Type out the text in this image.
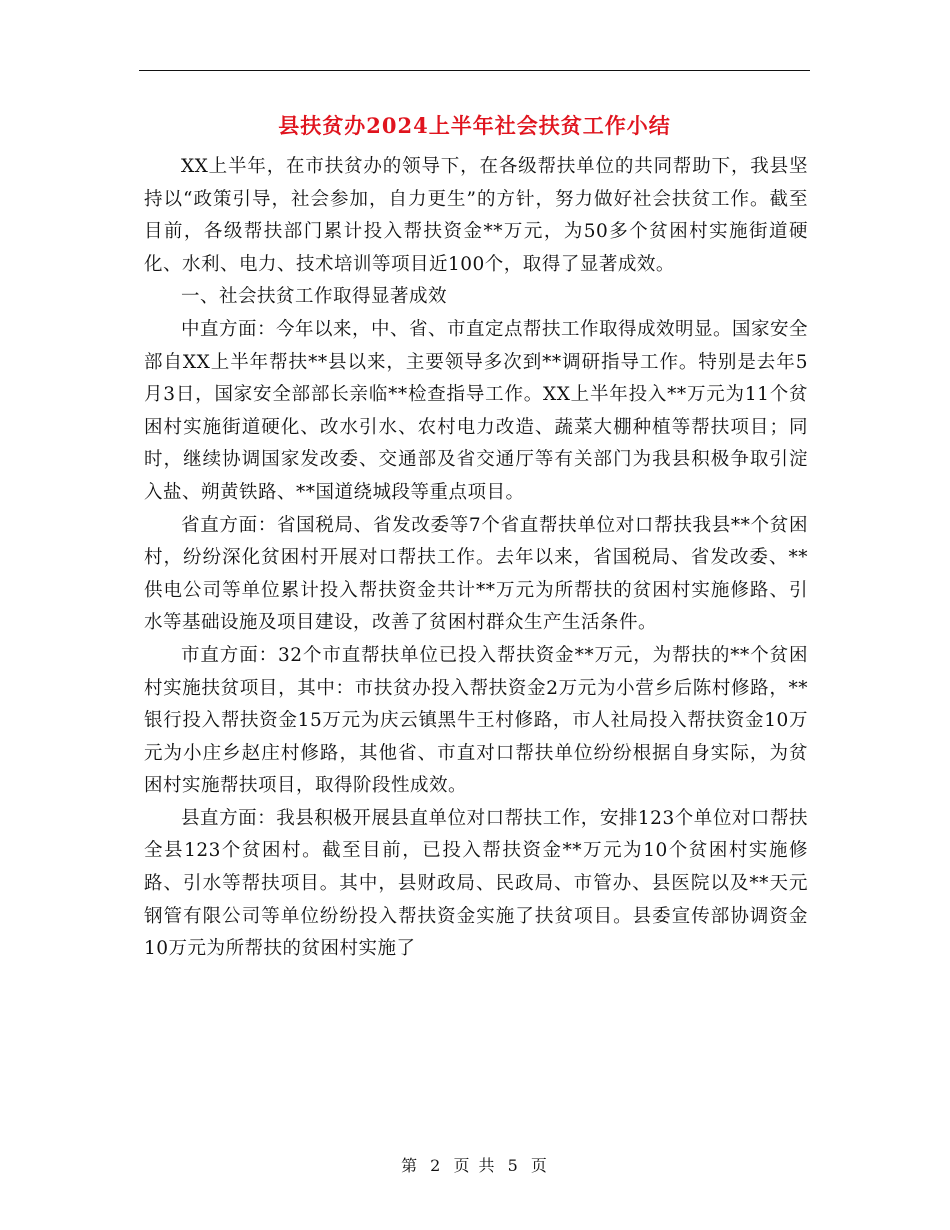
县扶贫办2024上半年社会扶贫工作小结

XX上半年，在市扶贫办的领导下，在各级帮扶单位的共同帮助下，我县坚持以“政策引导，社会参加，自力更生”的方针，努力做好社会扶贫工作。截至目前，各级帮扶部门累计投入帮扶资金**万元，为50多个贫困村实施街道硬化、水利、电力、技术培训等项目近100个，取得了显著成效。

一、社会扶贫工作取得显著成效

中直方面：今年以来，中、省、市直定点帮扶工作取得成效明显。国家安全部自XX上半年帮扶**县以来，主要领导多次到**调研指导工作。特别是去年5月3日，国家安全部部长亲临**检查指导工作。XX上半年投入**万元为11个贫困村实施街道硬化、改水引水、农村电力改造、蔬菜大棚种植等帮扶项目；同时，继续协调国家发改委、交通部及省交通厅等有关部门为我县积极争取引淀入盐、朔黄铁路、**国道绕城段等重点项目。

省直方面：省国税局、省发改委等7个省直帮扶单位对口帮扶我县**个贫困村，纷纷深化贫困村开展对口帮扶工作。去年以来，省国税局、省发改委、**供电公司等单位累计投入帮扶资金共计**万元为所帮扶的贫困村实施修路、引水等基础设施及项目建设，改善了贫困村群众生产生活条件。

市直方面：32个市直帮扶单位已投入帮扶资金**万元，为帮扶的**个贫困村实施扶贫项目，其中：市扶贫办投入帮扶资金2万元为小营乡后陈村修路，**银行投入帮扶资金15万元为庆云镇黑牛王村修路，市人社局投入帮扶资金10万元为小庄乡赵庄村修路，其他省、市直对口帮扶单位纷纷根据自身实际，为贫困村实施帮扶项目，取得阶段性成效。

县直方面：我县积极开展县直单位对口帮扶工作，安排123个单位对口帮扶全县123个贫困村。截至目前，已投入帮扶资金**万元为10个贫困村实施修路、引水等帮扶项目。其中，县财政局、民政局、市管办、县医院以及**天元钢管有限公司等单位纷纷投入帮扶资金实施了扶贫项目。县委宣传部协调资金10万元为所帮扶的贫困村实施了

第 2 页 共 5 页
